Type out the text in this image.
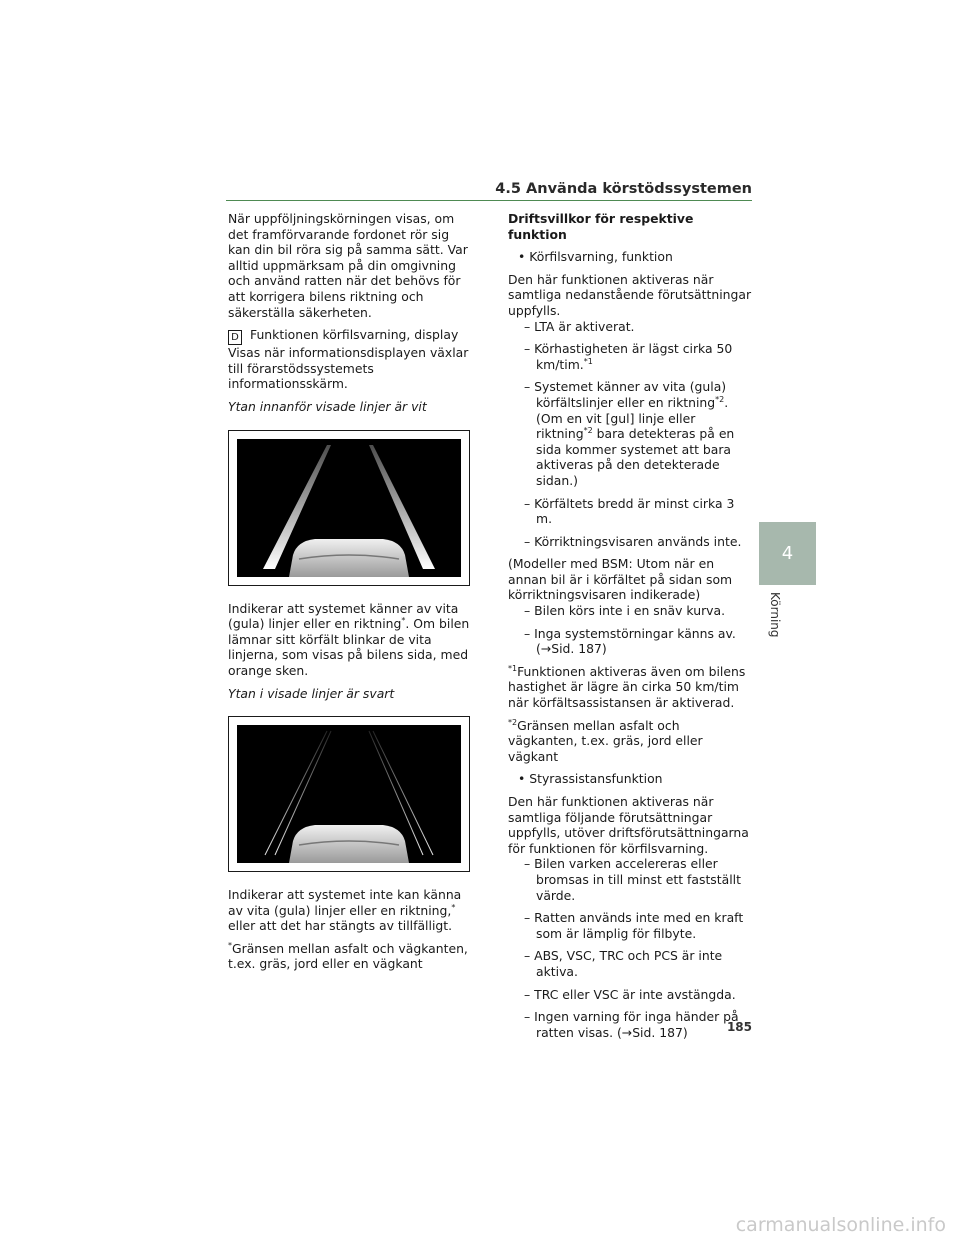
4.5 Använda körstödssystemen

När uppföljningskörningen visas, om det framförvarande fordonet rör sig kan din bil röra sig på samma sätt. Var alltid uppmärksam på din omgivning och använd ratten när det behövs för att korrigera bilens riktning och säkerställa säkerheten.

D Funktionen körfilsvarning, display

Visas när informationsdisplayen växlar till förarstödssystemets informationsskärm.

Ytan innanför visade linjer är vit

Indikerar att systemet känner av vita (gula) linjer eller en riktning*. Om bilen lämnar sitt körfält blinkar de vita linjerna, som visas på bilens sida, med orange sken.

Ytan i visade linjer är svart

Indikerar att systemet inte kan känna av vita (gula) linjer eller en riktning,* eller att det har stängts av tillfälligt.

*Gränsen mellan asfalt och vägkanten, t.ex. gräs, jord eller en vägkant

Driftsvillkor för respektive funktion

• Körfilsvarning, funktion

Den här funktionen aktiveras när samtliga nedanstående förutsättningar uppfylls.

– LTA är aktiverat.

– Körhastigheten är lägst cirka 50 km/tim.$^{*1}$

– Systemet känner av vita (gula) körfältslinjer eller en riktning$^{*2}$. (Om en vit [gul] linje eller riktning$^{*2}$ bara detekteras på en sida kommer systemet att bara aktiveras på den detekterade sidan.)

– Körfältets bredd är minst cirka 3 m.

– Körriktningsvisaren används inte.

(Modeller med BSM: Utom när en annan bil är i körfältet på sidan som körriktningsvisaren indikerade)

– Bilen körs inte i en snäv kurva.

– Inga systemstörningar känns av. (→Sid. 187)

$^{*1}$Funktionen aktiveras även om bilens hastighet är lägre än cirka 50 km/tim när körfältsassistansen är aktiverad.

$^{*2}$Gränsen mellan asfalt och vägkanten, t.ex. gräs, jord eller vägkant

• Styrassistansfunktion

Den här funktionen aktiveras när samtliga följande förutsättningar uppfylls, utöver driftsförutsättningarna för funktionen för körfilsvarning.

– Bilen varken accelereras eller bromsas in till minst ett fastställt värde.

– Ratten används inte med en kraft som är lämplig för filbyte.

– ABS, VSC, TRC och PCS är inte aktiva.

– TRC eller VSC är inte avstängda.

– Ingen varning för inga händer på ratten visas. (→Sid. 187)

4
Körning
185
carmanualsonline.info
